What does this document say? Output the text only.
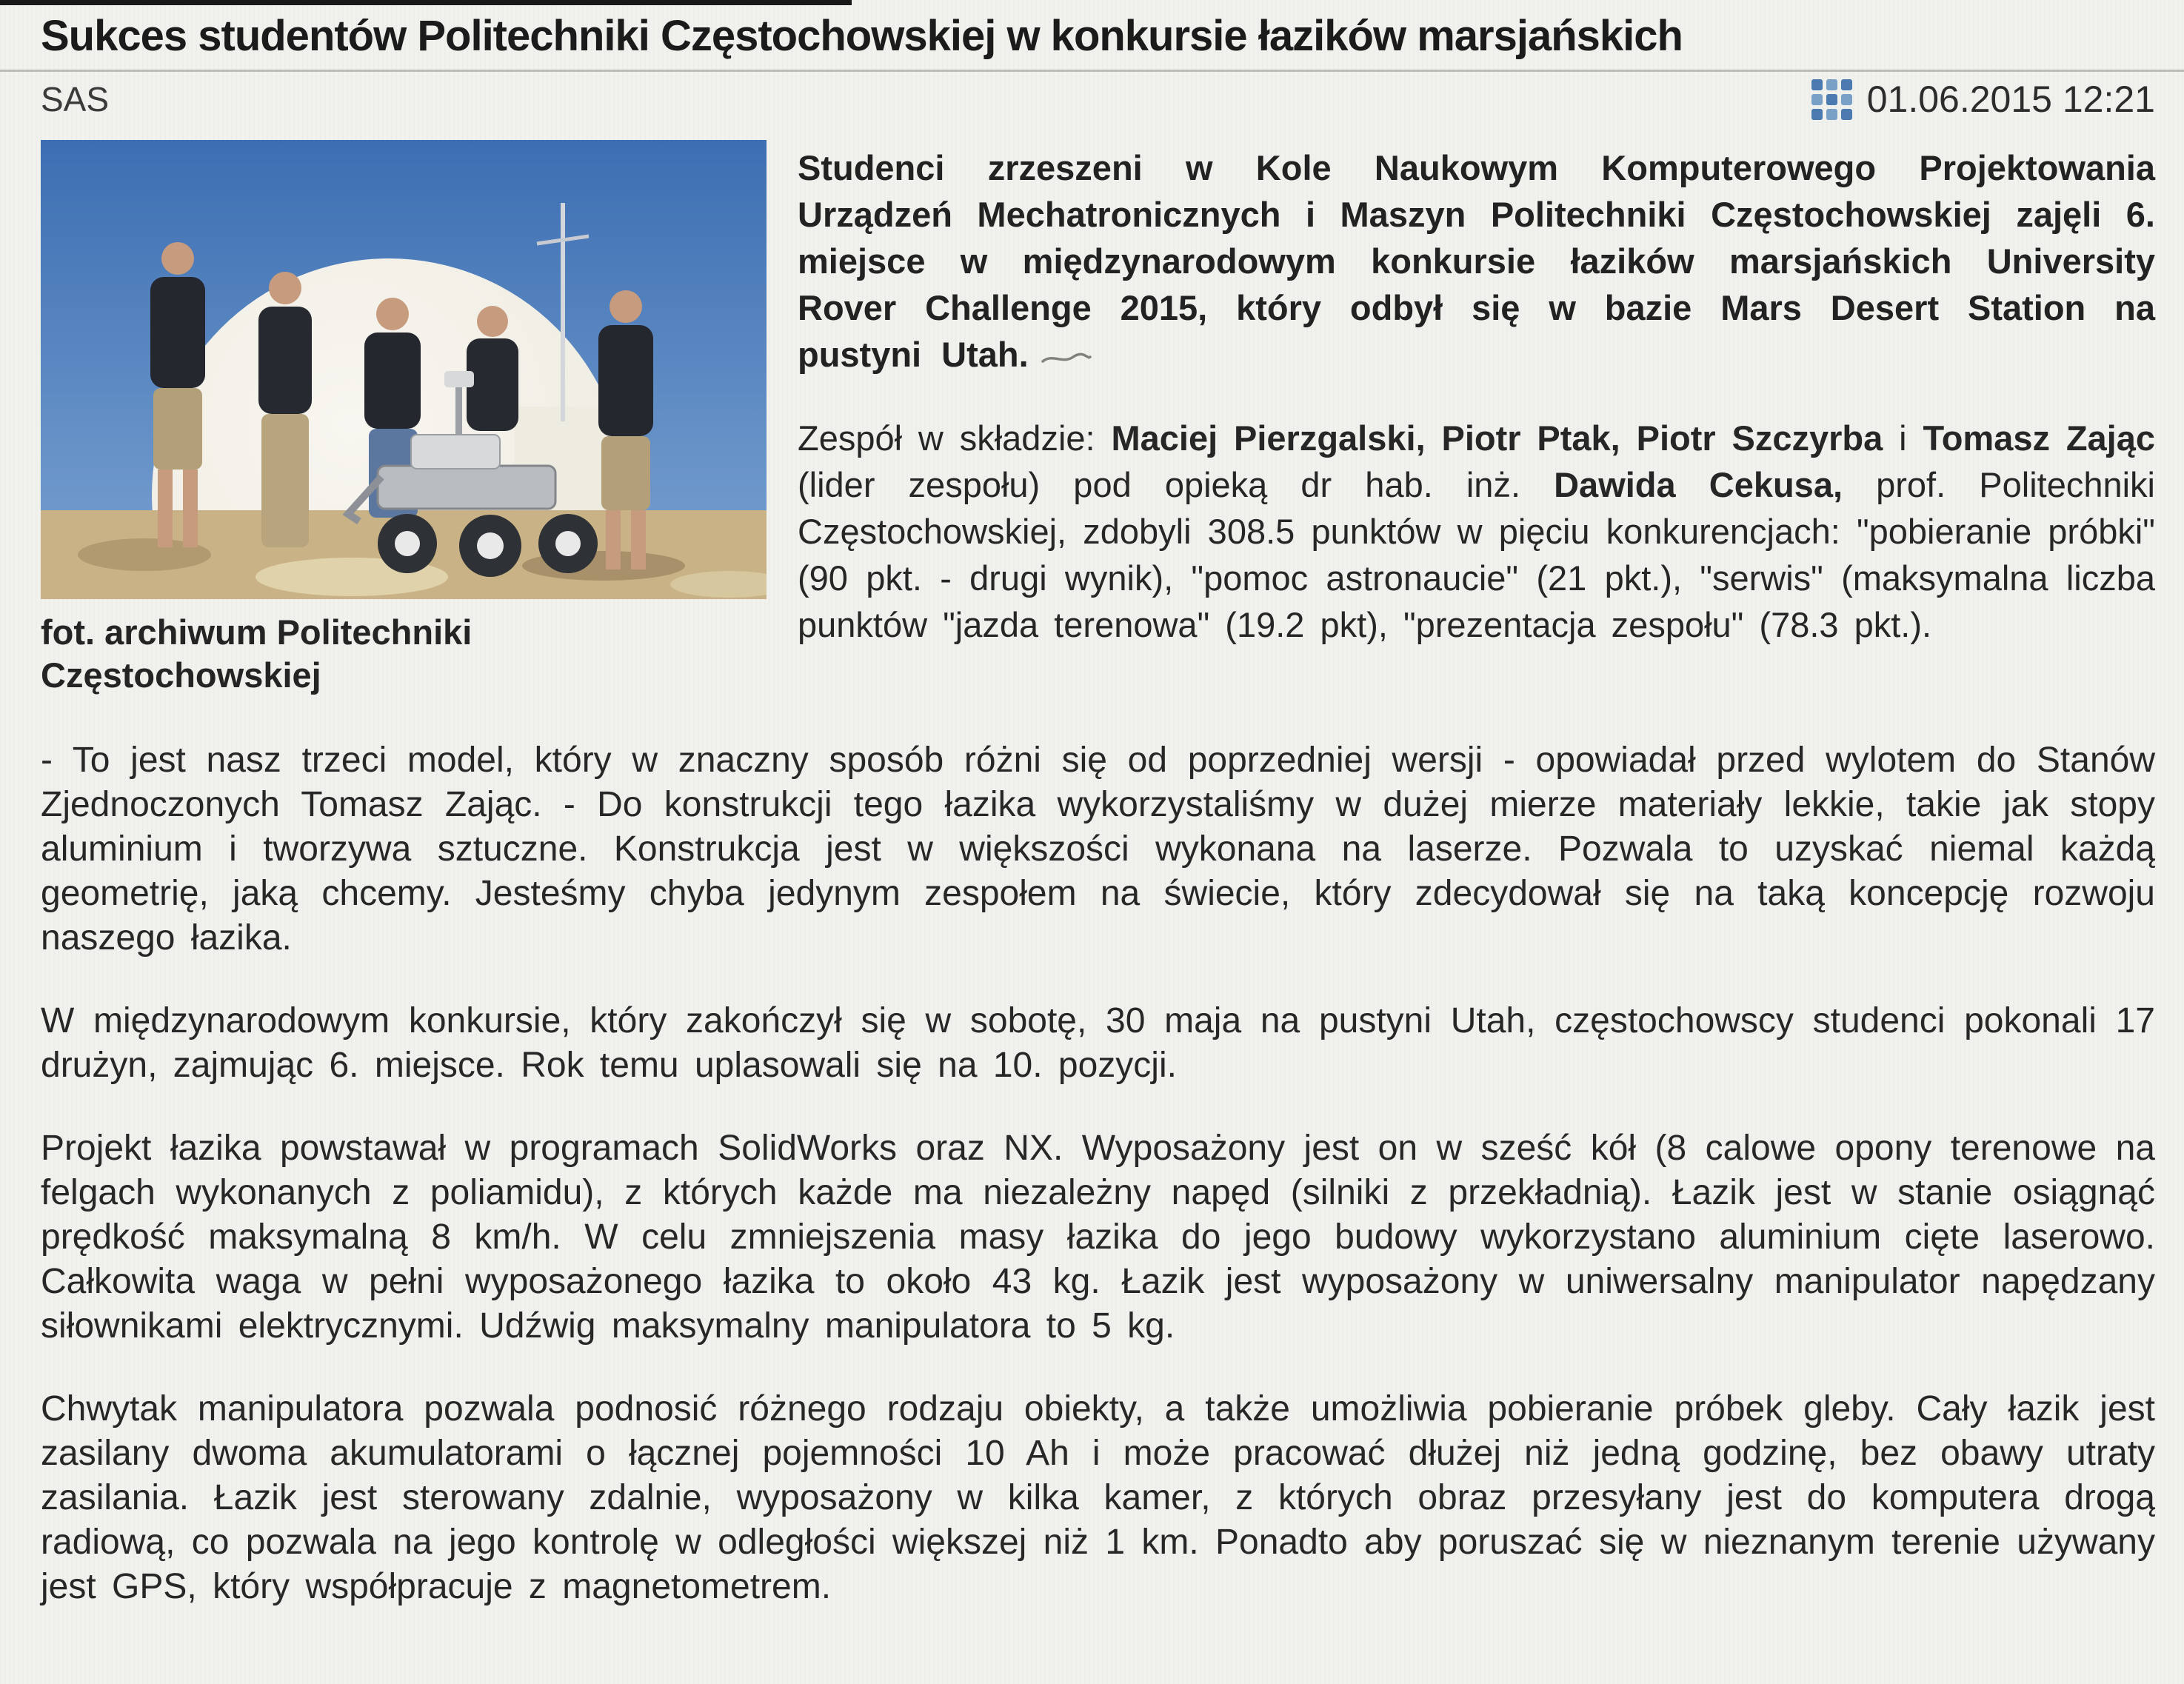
Sukces studentów Politechniki Częstochowskiej w konkursie łazików marsjańskich
SAS	01.06.2015 12:21
fot. archiwum Politechniki Częstochowskiej

Studenci zrzeszeni w Kole Naukowym Komputerowego Projektowania Urządzeń Mechatronicznych i Maszyn Politechniki Częstochowskiej zajęli 6. miejsce w międzynarodowym konkursie łazików marsjańskich University Rover Challenge 2015, który odbył się w bazie Mars Desert Station na pustyni Utah.

Zespół w składzie: Maciej Pierzgalski, Piotr Ptak, Piotr Szczyrba i Tomasz Zając (lider zespołu) pod opieką dr hab. inż. Dawida Cekusa, prof. Politechniki Częstochowskiej, zdobyli 308.5 punktów w pięciu konkurencjach: "pobieranie próbki" (90 pkt. - drugi wynik), "pomoc astronaucie" (21 pkt.), "serwis" (maksymalna liczba punktów "jazda terenowa" (19.2 pkt), "prezentacja zespołu" (78.3 pkt.).

- To jest nasz trzeci model, który w znaczny sposób różni się od poprzedniej wersji - opowiadał przed wylotem do Stanów Zjednoczonych Tomasz Zając. - Do konstrukcji tego łazika wykorzystaliśmy w dużej mierze materiały lekkie, takie jak stopy aluminium i tworzywa sztuczne. Konstrukcja jest w większości wykonana na laserze. Pozwala to uzyskać niemal każdą geometrię, jaką chcemy. Jesteśmy chyba jedynym zespołem na świecie, który zdecydował się na taką koncepcję rozwoju naszego łazika.

W międzynarodowym konkursie, który zakończył się w sobotę, 30 maja na pustyni Utah, częstochowscy studenci pokonali 17 drużyn, zajmując 6. miejsce. Rok temu uplasowali się na 10. pozycji.

Projekt łazika powstawał w programach SolidWorks oraz NX. Wyposażony jest on w sześć kół (8 calowe opony terenowe na felgach wykonanych z poliamidu), z których każde ma niezależny napęd (silniki z przekładnią). Łazik jest w stanie osiągnąć prędkość maksymalną 8 km/h. W celu zmniejszenia masy łazika do jego budowy wykorzystano aluminium cięte laserowo. Całkowita waga w pełni wyposażonego łazika to około 43 kg. Łazik jest wyposażony w uniwersalny manipulator napędzany siłownikami elektrycznymi. Udźwig maksymalny manipulatora to 5 kg.

Chwytak manipulatora pozwala podnosić różnego rodzaju obiekty, a także umożliwia pobieranie próbek gleby. Cały łazik jest zasilany dwoma akumulatorami o łącznej pojemności 10 Ah i może pracować dłużej niż jedną godzinę, bez obawy utraty zasilania. Łazik jest sterowany zdalnie, wyposażony w kilka kamer, z których obraz przesyłany jest do komputera drogą radiową, co pozwala na jego kontrolę w odległości większej niż 1 km. Ponadto aby poruszać się w nieznanym terenie używany jest GPS, który współpracuje z magnetometrem.
